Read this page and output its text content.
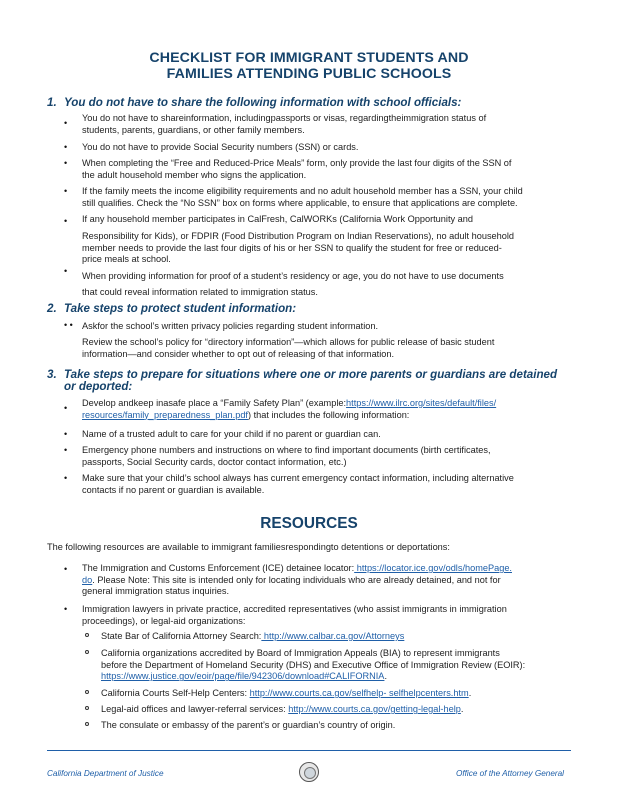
CHECKLIST FOR IMMIGRANT STUDENTS AND
FAMILIES ATTENDING PUBLIC SCHOOLS
1. You do not have to share the following information with school officials:
• You do not have to shareinformation, includingpassports or visas, regardingtheimmigration status of
students, parents, guardians, or other family members.
• You do not have to provide Social Security numbers (SSN) or cards.
• When completing the “Free and Reduced-Price Meals” form, only provide the last four digits of the SSN of
the adult household member who signs the application.
• If the family meets the income eligibility requirements and no adult household member has a SSN, your child
still qualifies. Check the “No SSN” box on forms where applicable, to ensure that applications are complete.
• If any household member participates in CalFresh, CalWORKs (California Work Opportunity and
Responsibility for Kids), or FDPIR (Food Distribution Program on Indian Reservations), no adult household
member needs to provide the last four digits of his or her SSN to qualify the student for free or reduced-
price meals at school.
• When providing information for proof of a student’s residency or age, you do not have to use documents
that could reveal information related to immigration status.
2. Take steps to protect student information:
• • Askfor the school’s written privacy policies regarding student information.
Review the school’s policy for “directory information”—which allows for public release of basic student
information—and consider whether to opt out of releasing of that information.
3. Take steps to prepare for situations where one or more parents or guardians are detained
or deported:
• Develop andkeep inasafe place a “Family Safety Plan” (example:https://www.ilrc.org/sites/default/files/
resources/family_preparedness_plan.pdf) that includes the following information:
• Name of a trusted adult to care for your child if no parent or guardian can.
• Emergency phone numbers and instructions on where to find important documents (birth certificates,
passports, Social Security cards, doctor contact information, etc.)
• Make sure that your child’s school always has current emergency contact information, including alternative
contacts if no parent or guardian is available.
RESOURCES
The following resources are available to immigrant familiesrespondingto detentions or deportations:
• The Immigration and Customs Enforcement (ICE) detainee locator: https://locator.ice.gov/odls/homePage.
do. Please Note: This site is intended only for locating individuals who are already detained, and not for
general immigration status inquiries.
• Immigration lawyers in private practice, accredited representatives (who assist immigrants in immigration
proceedings), or legal-aid organizations:
State Bar of California Attorney Search: http://www.calbar.ca.gov/Attorneys
California organizations accredited by Board of Immigration Appeals (BIA) to represent immigrants
before the Department of Homeland Security (DHS) and Executive Office of Immigration Review (EOIR):
https://www.justice.gov/eoir/page/file/942306/download#CALIFORNIA.
California Courts Self-Help Centers: http://www.courts.ca.gov/selfhelp- selfhelpcenters.htm.
Legal-aid offices and lawyer-referral services: http://www.courts.ca.gov/getting-legal-help.
The consulate or embassy of the parent’s or guardian’s country of origin.
California Department of Justice	Office of the Attorney General
